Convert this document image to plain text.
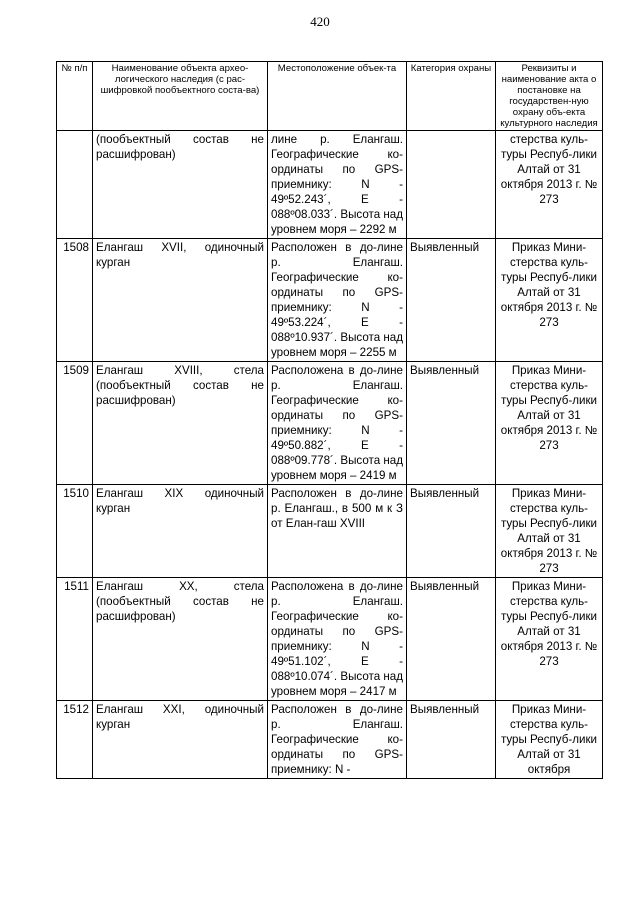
420
№ п/п	Наименование объекта архео-логического наследия (с рас-шифровкой пообъектного соста-ва)	Местоположение объек-та	Категория охраны	Реквизиты и наименование акта о постановке на государствен-ную охрану объ-екта культурного наследия
	(пообъектный состав не расшифрован)	лине р. Елангаш. Географические ко-ординаты по GPS-приемнику: N - 49º52.243´, E - 088º08.033´. Высота над уровнем моря – 2292 м		стерства куль-туры Респуб-лики Алтай от 31 октября 2013 г. № 273
1508	Елангаш XVII, одиночный курган	Расположен в до-лине р. Елангаш. Географические ко-ординаты по GPS-приемнику: N - 49º53.224´, E - 088º10.937´. Высота над уровнем моря – 2255 м	Выявленный	Приказ Мини-стерства куль-туры Респуб-лики Алтай от 31 октября 2013 г. № 273
1509	Елангаш XVIII, стела (пообъектный состав не расшифрован)	Расположена в до-лине р. Елангаш. Географические ко-ординаты по GPS-приемнику: N - 49º50.882´, E - 088º09.778´. Высота над уровнем моря – 2419 м	Выявленный	Приказ Мини-стерства куль-туры Респуб-лики Алтай от 31 октября 2013 г. № 273
1510	Елангаш XIX одиночный курган	Расположен в до-лине р. Елангаш., в 500 м к З от Елан-гаш XVIII	Выявленный	Приказ Мини-стерства куль-туры Респуб-лики Алтай от 31 октября 2013 г. № 273
1511	Елангаш XX, стела (пообъектный состав не расшифрован)	Расположена в до-лине р. Елангаш. Географические ко-ординаты по GPS-приемнику: N - 49º51.102´, E - 088º10.074´. Высота над уровнем моря – 2417 м	Выявленный	Приказ Мини-стерства куль-туры Респуб-лики Алтай от 31 октября 2013 г. № 273
1512	Елангаш XXI, одиночный курган	Расположен в до-лине р. Елангаш. Географические ко-ординаты по GPS-приемнику: N -	Выявленный	Приказ Мини-стерства куль-туры Респуб-лики Алтай от 31 октября
